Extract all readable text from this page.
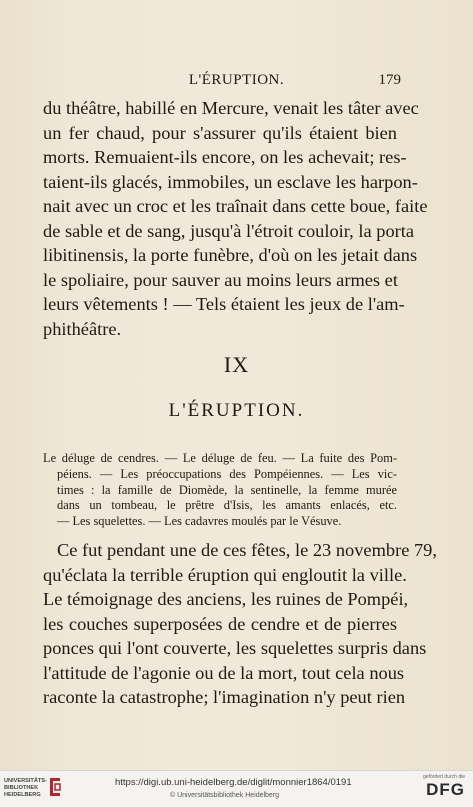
L'ÉRUPTION.	179

du théâtre, habillé en Mercure, venait les tâter avec
un fer chaud, pour s'assurer qu'ils étaient bien
morts. Remuaient-ils encore, on les achevait; res-
taient-ils glacés, immobiles, un esclave les harpon-
nait avec un croc et les traînait dans cette boue, faite
de sable et de sang, jusqu'à l'étroit couloir, la porta
libitinensis, la porte funèbre, d'où on les jetait dans
le spoliaire, pour sauver au moins leurs armes et
leurs vêtements ! — Tels étaient les jeux de l'am-
phithéâtre.

IX
L'ÉRUPTION.

Le déluge de cendres. — Le déluge de feu. — La fuite des Pom-
péiens. — Les préoccupations des Pompéiennes. — Les vic-
times : la famille de Diomède, la sentinelle, la femme murée
dans un tombeau, le prêtre d'Isis, les amants enlacés, etc.
— Les squelettes. — Les cadavres moulés par le Vésuve.

Ce fut pendant une de ces fêtes, le 23 novembre 79,
qu'éclata la terrible éruption qui engloutit la ville.
Le témoignage des anciens, les ruines de Pompéi,
les couches superposées de cendre et de pierres
ponces qui l'ont couverte, les squelettes surpris dans
l'attitude de l'agonie ou de la mort, tout cela nous
raconte la catastrophe; l'imagination n'y peut rien

UNIVERSITÄTS-
BIBLIOTHEK
HEIDELBERG
https://digi.ub.uni-heidelberg.de/diglit/monnier1864/0191
© Universitätsbibliothek Heidelberg
gefördert durch die
DFG
